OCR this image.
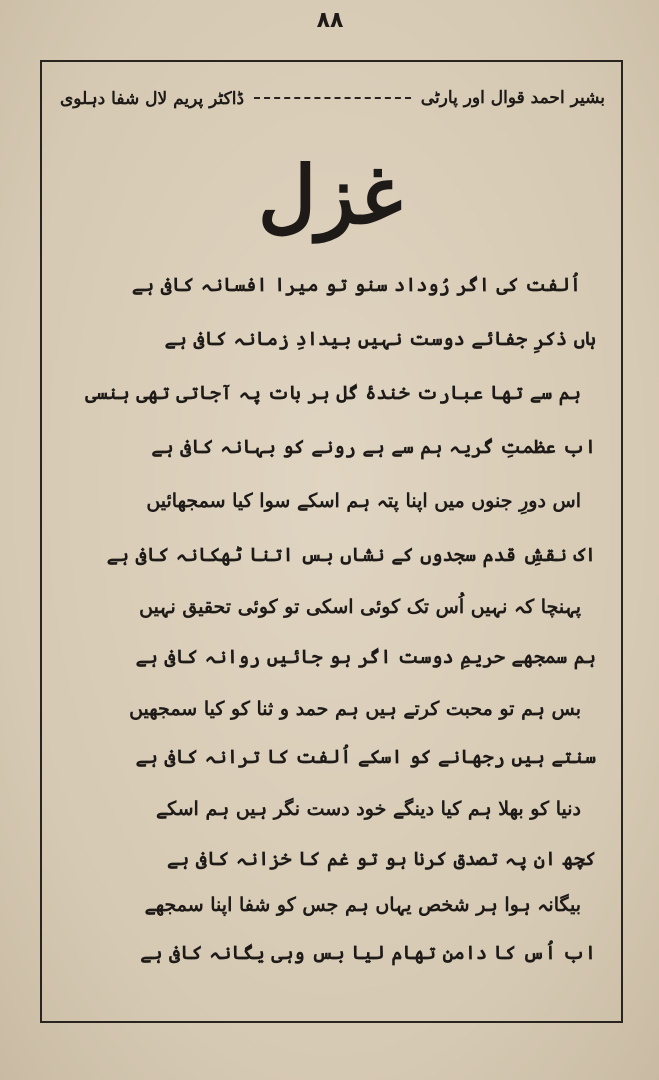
۸۸
بشیر احمد قوال اور پارٹی
ڈاکٹر پریم لال شفا دہلوی
غزل
اُلفت کی اگر رُوداد سنو تو میرا افسانہ کافی ہے
ہاں ذکرِ جفائے دوست نہیں بیدادِ زمانہ کافی ہے
ہم سے تھا عبارت خندۂ گل ہر بات پہ آجاتی تھی ہنسی
اب عظمتِ گریہ ہم سے ہے رونے کو بہانہ کافی ہے
اس دورِ جنوں میں اپنا پتہ ہم اسکے سوا کیا سمجھائیں
اک نقشِ قدم سجدوں کے نشاں بس اتنا ٹھکانہ کافی ہے
پہنچا کہ نہیں اُس تک کوئی اسکی تو کوئی تحقیق نہیں
ہم سمجھے حریمِ دوست اگر ہو جائیں روانہ کافی ہے
بس ہم تو محبت کرتے ہیں ہم حمد و ثنا کو کیا سمجھیں
سنتے ہیں رجھانے کو اسکے اُلفت کا ترانہ کافی ہے
دنیا کو بھلا ہم کیا دینگے خود دست نگر ہیں ہم اسکے
کچھ ان پہ تصدق کرنا ہو تو غم کا خزانہ کافی ہے
بیگانہ ہوا ہر شخص یہاں ہم جس کو شفا اپنا سمجھے
اب اُس کا دامن تھام لیا بس وہی یگانہ کافی ہے
